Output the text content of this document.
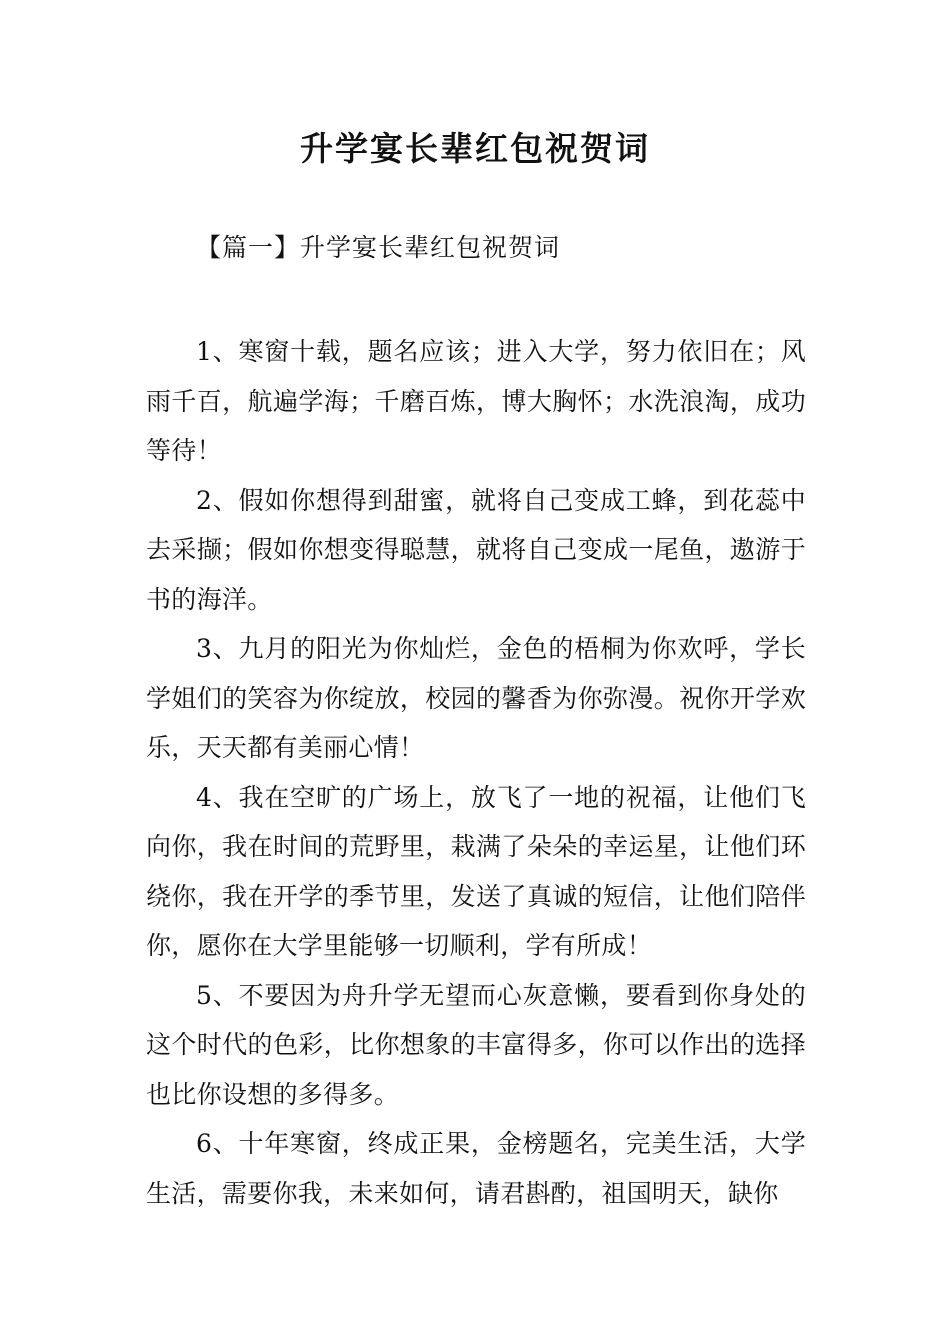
升学宴长辈红包祝贺词

【篇一】升学宴长辈红包祝贺词

1、寒窗十载，题名应该；进入大学，努力依旧在；风雨千百，航遍学海；千磨百炼，博大胸怀；水洗浪淘，成功等待！

2、假如你想得到甜蜜，就将自己变成工蜂，到花蕊中去采撷；假如你想变得聪慧，就将自己变成一尾鱼，遨游于书的海洋。

3、九月的阳光为你灿烂，金色的梧桐为你欢呼，学长学姐们的笑容为你绽放，校园的馨香为你弥漫。祝你开学欢乐，天天都有美丽心情！

4、我在空旷的广场上，放飞了一地的祝福，让他们飞向你，我在时间的荒野里，栽满了朵朵的幸运星，让他们环绕你，我在开学的季节里，发送了真诚的短信，让他们陪伴你，愿你在大学里能够一切顺利，学有所成！

5、不要因为舟升学无望而心灰意懒，要看到你身处的这个时代的色彩，比你想象的丰富得多，你可以作出的选择也比你设想的多得多。

6、十年寒窗，终成正果，金榜题名，完美生活，大学生活，需要你我，未来如何，请君斟酌，祖国明天，缺你
